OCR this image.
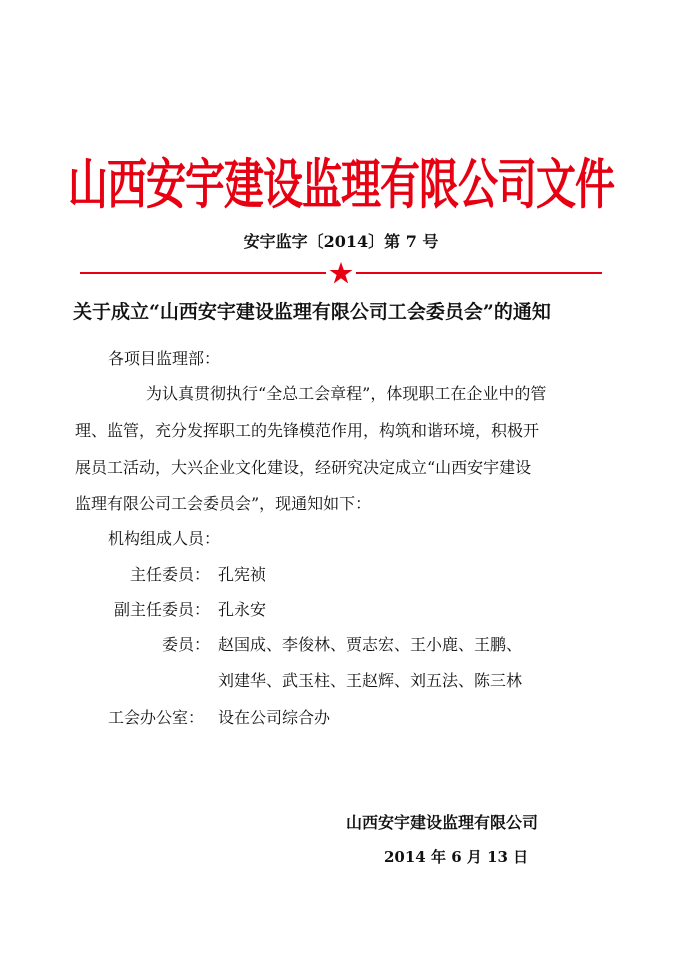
山西安宇建设监理有限公司文件
安宇监字〔2014〕第 7 号
关于成立“山西安宇建设监理有限公司工会委员会”的通知
各项目监理部：
为认真贯彻执行“全总工会章程”，体现职工在企业中的管
理、监管，充分发挥职工的先锋模范作用，构筑和谐环境，积极开
展员工活动，大兴企业文化建设，经研究决定成立“山西安宇建设
监理有限公司工会委员会”，现通知如下：
机构组成人员：
主任委员： 孔宪祯
副主任委员： 孔永安
委员： 赵国成、李俊林、贾志宏、王小鹿、王鹏、
刘建华、武玉柱、王赵辉、刘五法、陈三林
工会办公室： 设在公司综合办
山西安宇建设监理有限公司
2014 年 6 月 13 日
